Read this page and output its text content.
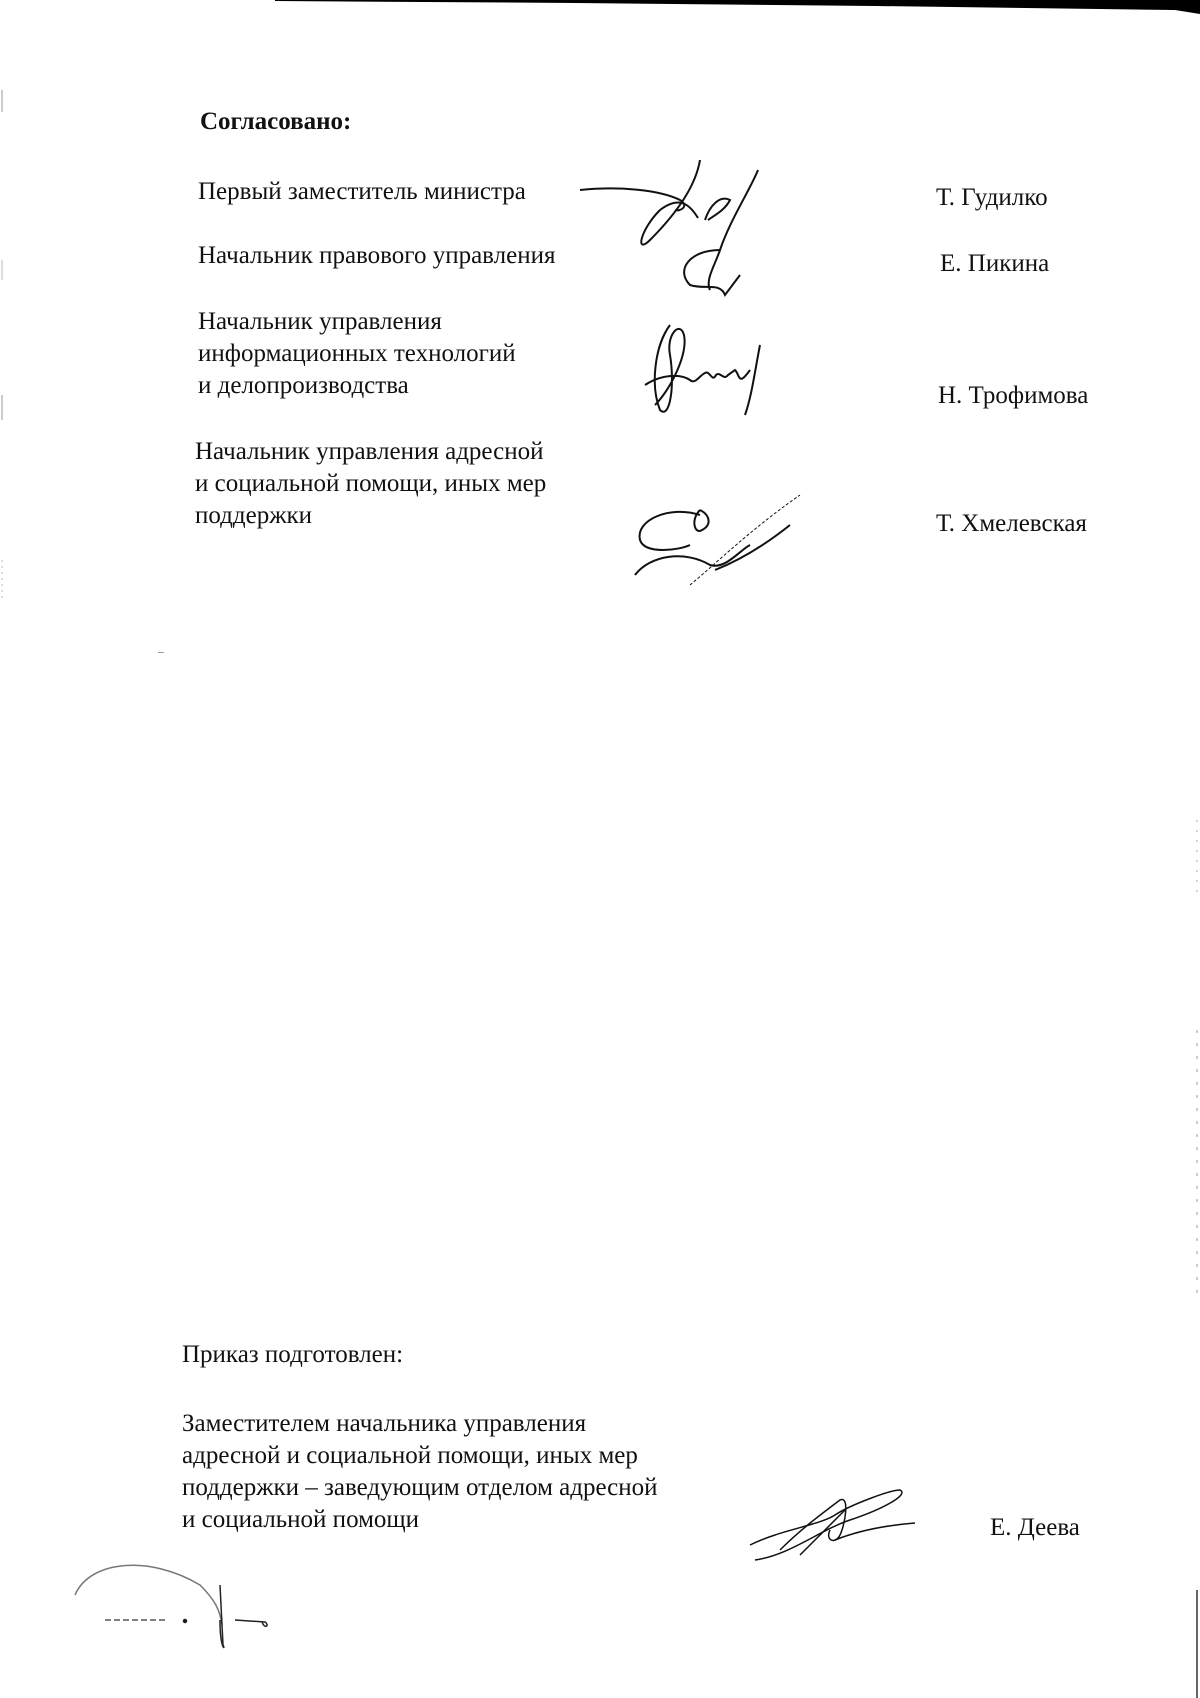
Согласовано:
Первый заместитель министра	Т. Гудилко
Начальник правового управления	Е. Пикина
Начальник управления
информационных технологий
и делопроизводства	Н. Трофимова
Начальник управления адресной
и социальной помощи, иных мер
поддержки	Т. Хмелевская
Приказ подготовлен:
Заместителем начальника управления
адресной и социальной помощи, иных мер
поддержки – заведующим отделом адресной
и социальной помощи	Е. Деева
